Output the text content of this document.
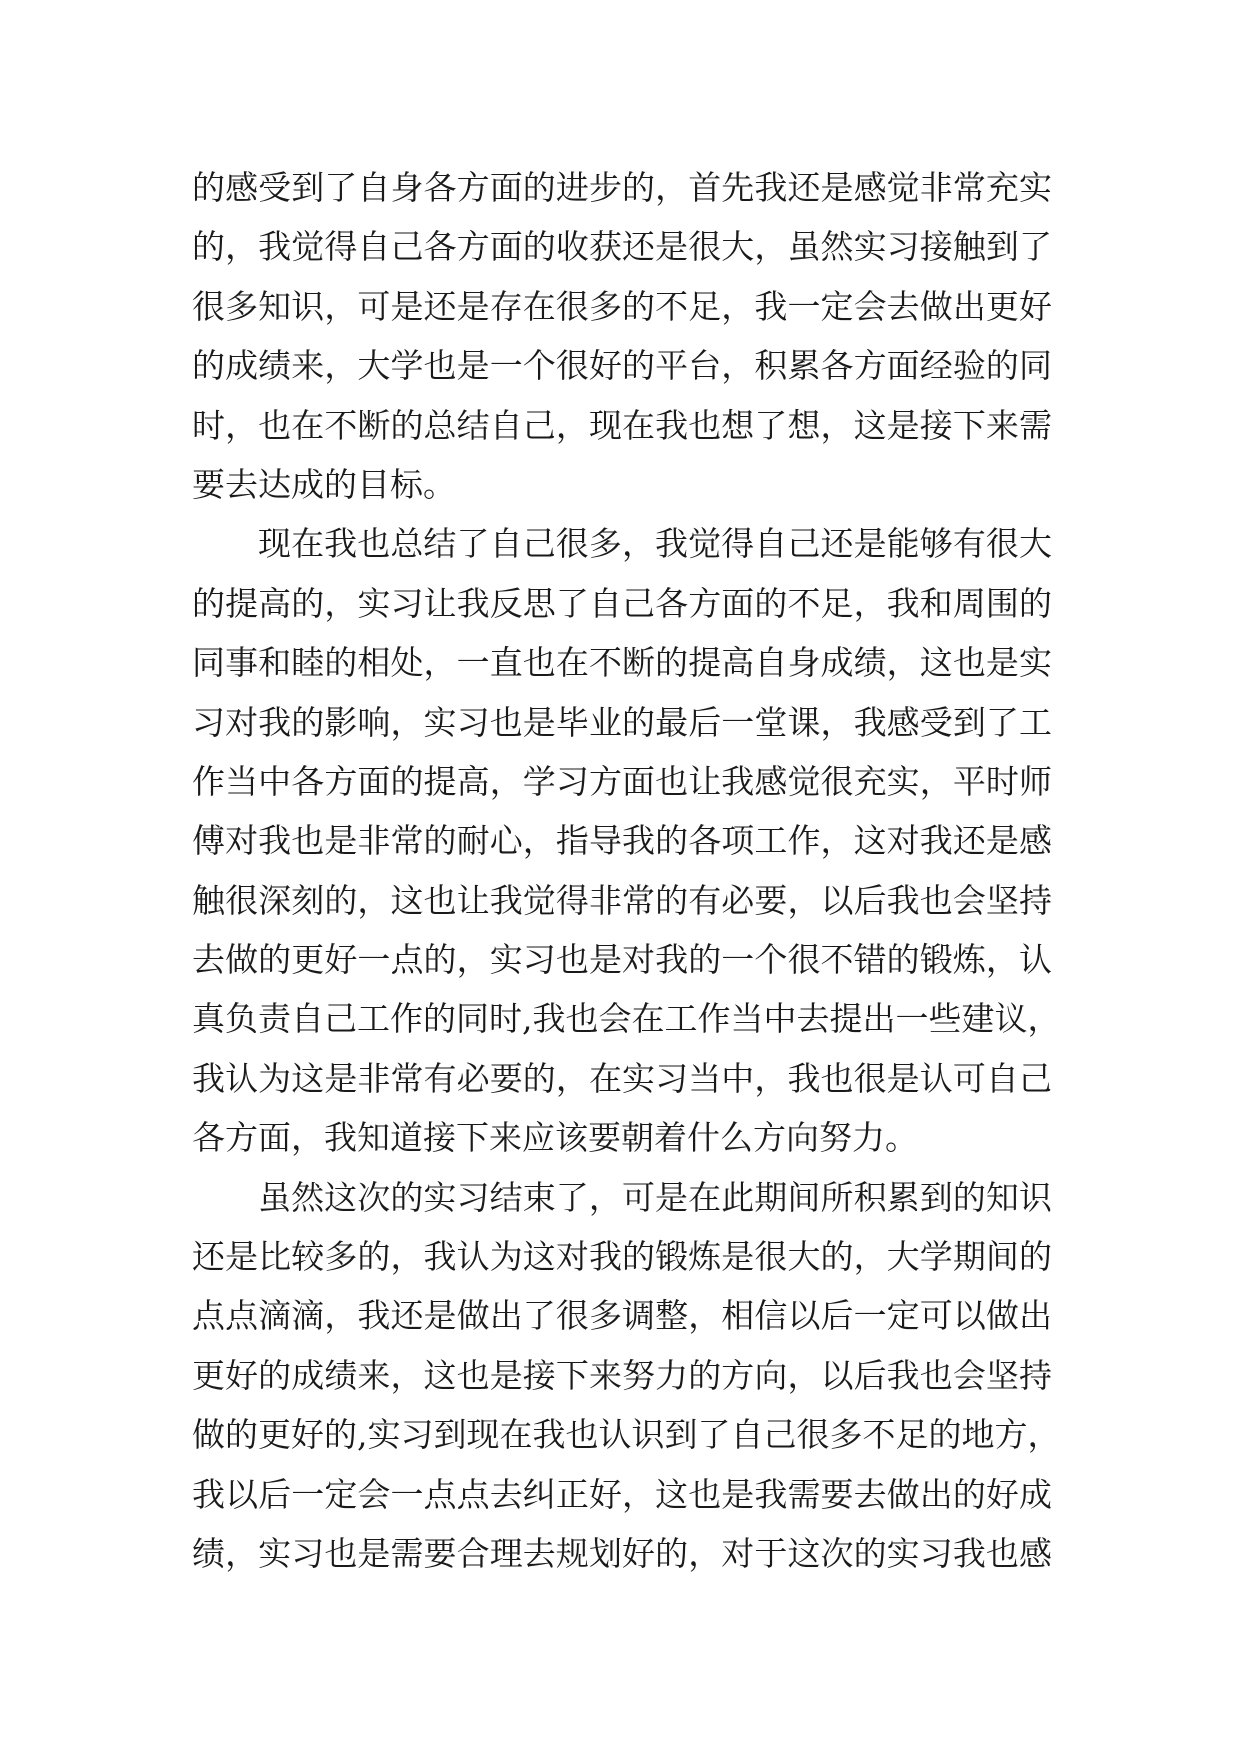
的感受到了自身各方面的进步的，首先我还是感觉非常充实
的，我觉得自己各方面的收获还是很大，虽然实习接触到了
很多知识，可是还是存在很多的不足，我一定会去做出更好
的成绩来，大学也是一个很好的平台，积累各方面经验的同
时，也在不断的总结自己，现在我也想了想，这是接下来需
要去达成的目标。
现在我也总结了自己很多，我觉得自己还是能够有很大
的提高的，实习让我反思了自己各方面的不足，我和周围的
同事和睦的相处，一直也在不断的提高自身成绩，这也是实
习对我的影响，实习也是毕业的最后一堂课，我感受到了工
作当中各方面的提高，学习方面也让我感觉很充实，平时师
傅对我也是非常的耐心，指导我的各项工作，这对我还是感
触很深刻的，这也让我觉得非常的有必要，以后我也会坚持
去做的更好一点的，实习也是对我的一个很不错的锻炼，认
真负责自己工作的同时,我也会在工作当中去提出一些建议，
我认为这是非常有必要的，在实习当中，我也很是认可自己
各方面，我知道接下来应该要朝着什么方向努力。
虽然这次的实习结束了，可是在此期间所积累到的知识
还是比较多的，我认为这对我的锻炼是很大的，大学期间的
点点滴滴，我还是做出了很多调整，相信以后一定可以做出
更好的成绩来，这也是接下来努力的方向，以后我也会坚持
做的更好的,实习到现在我也认识到了自己很多不足的地方，
我以后一定会一点点去纠正好，这也是我需要去做出的好成
绩，实习也是需要合理去规划好的，对于这次的实习我也感
